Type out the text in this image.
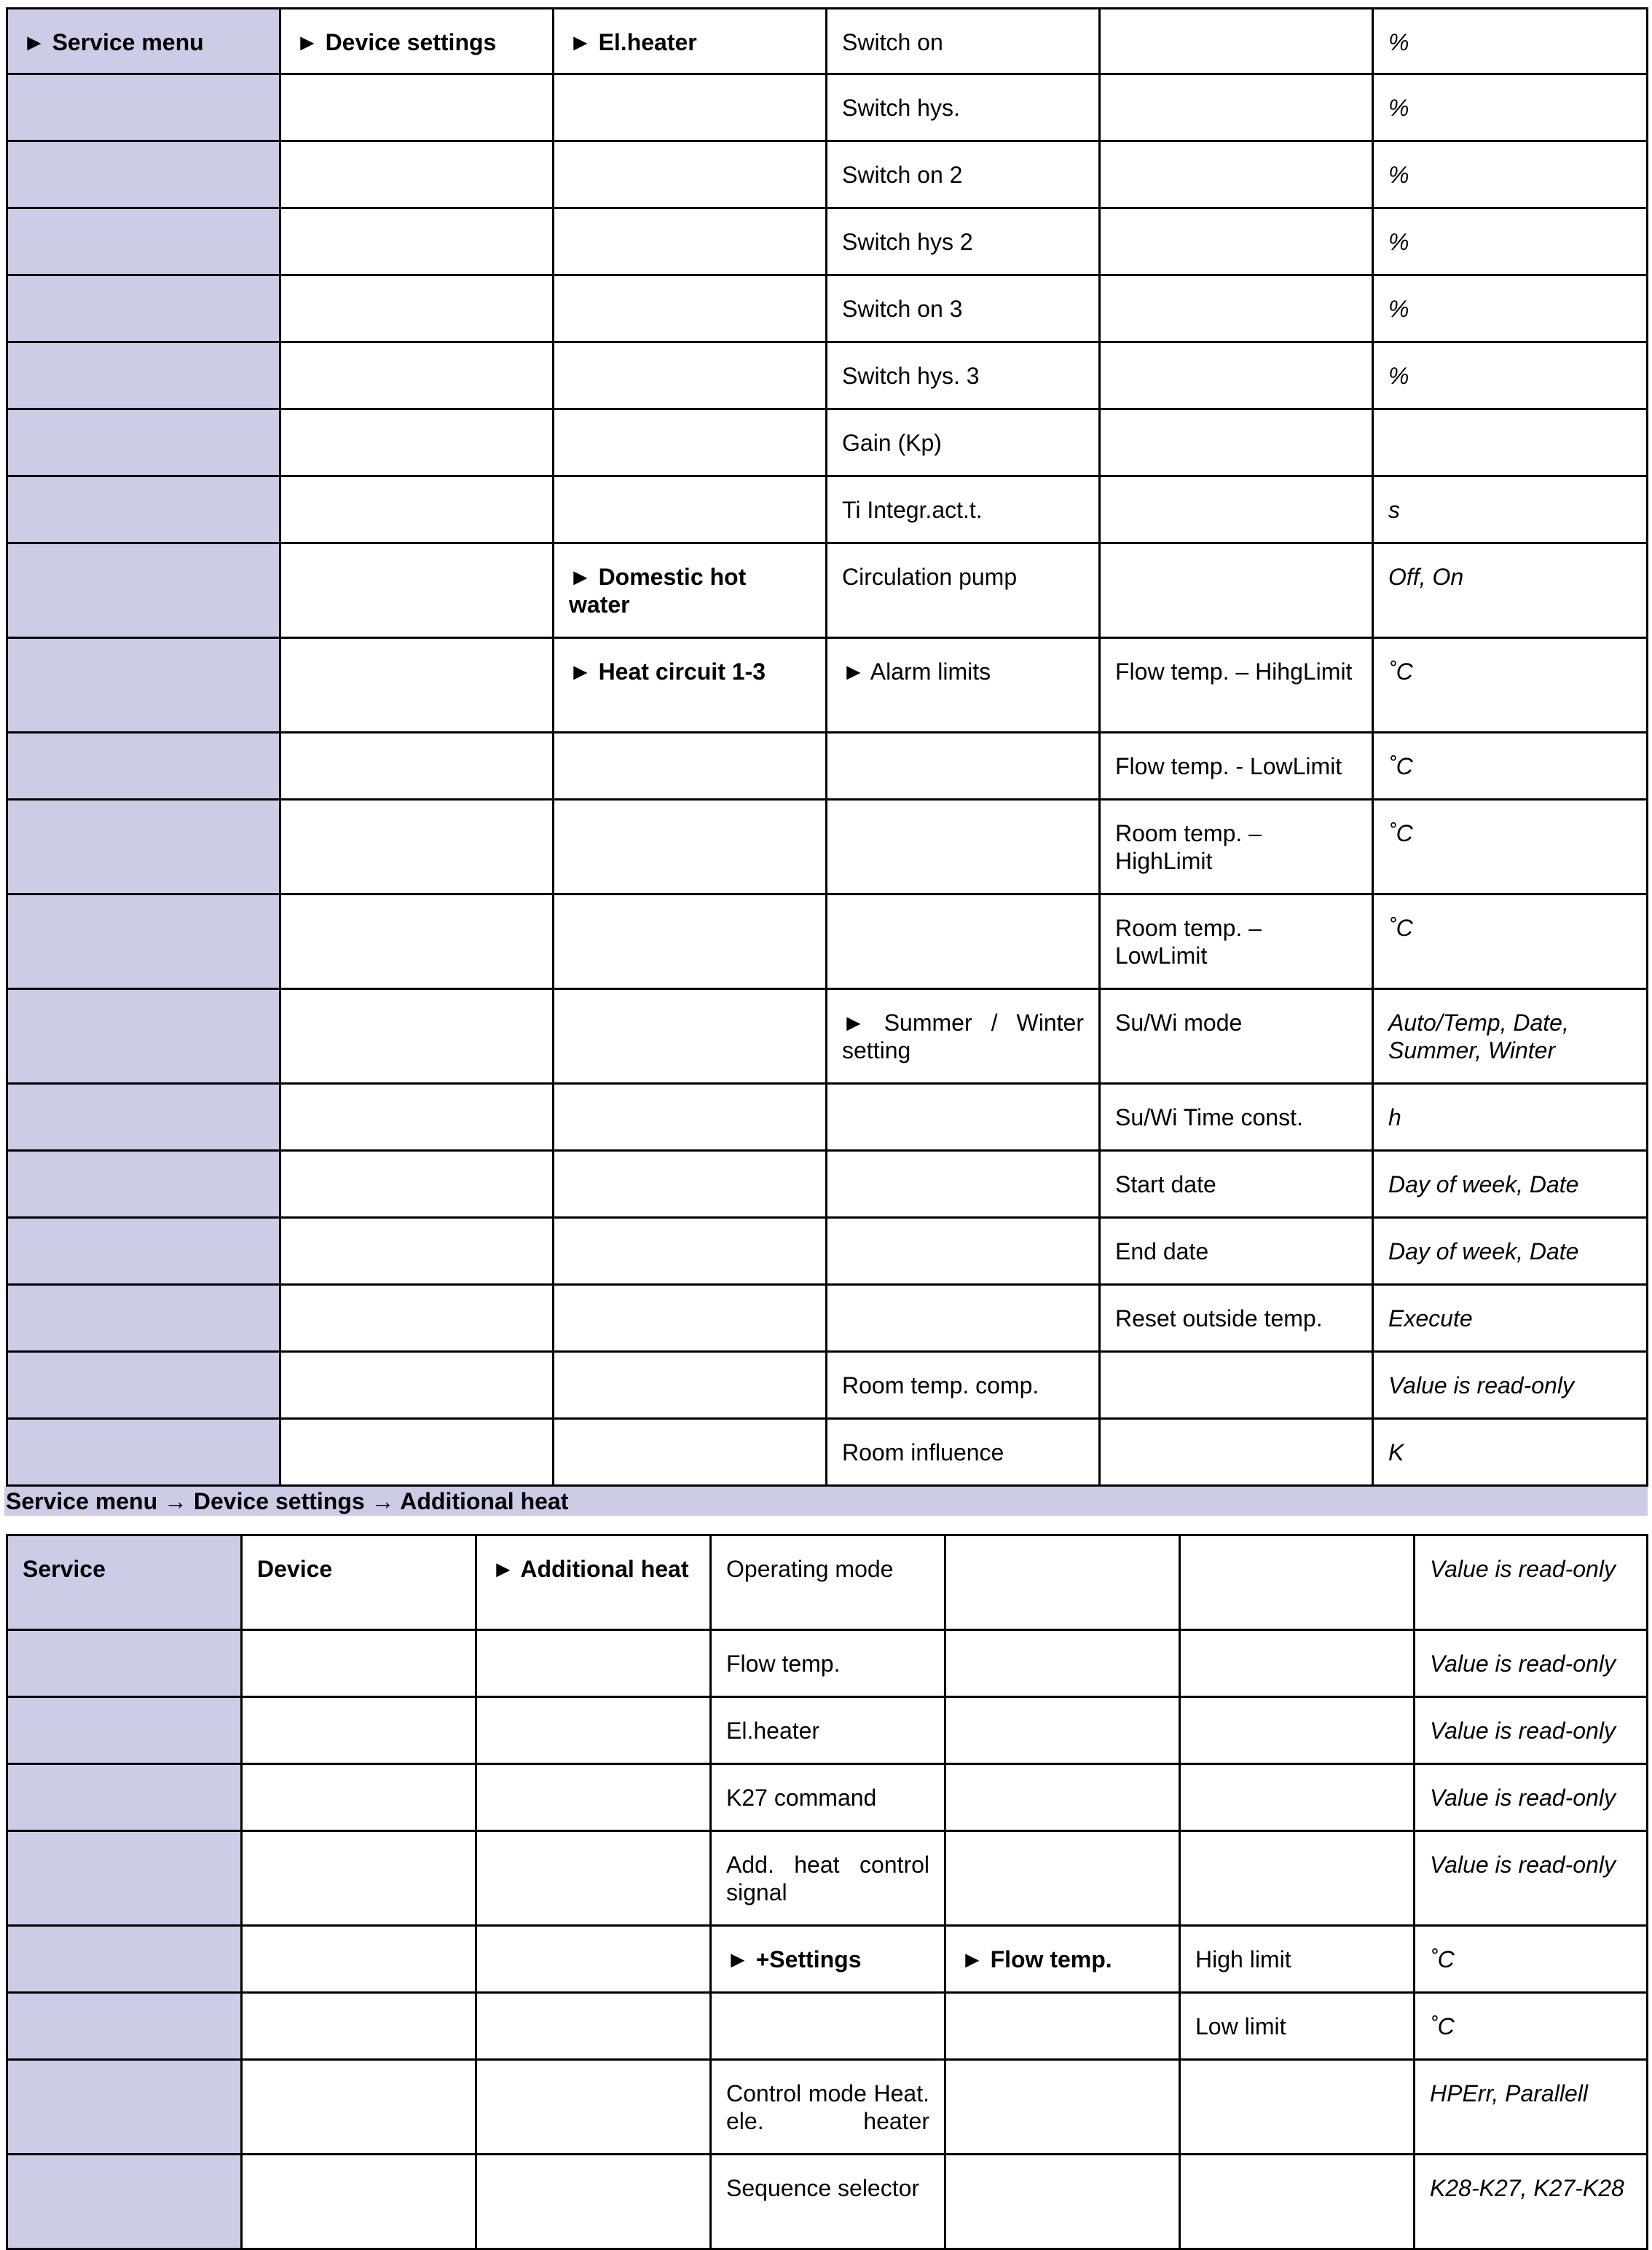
► Service menu	► Device settings	► El.heater	Switch on		%
			Switch hys.		%
			Switch on 2		%
			Switch hys 2		%
			Switch on 3		%
			Switch hys. 3		%
			Gain (Kp)		
			Ti Integr.act.t.		s
		► Domestic hot water	Circulation pump		Off, On
		► Heat circuit 1-3	► Alarm limits	Flow temp. – HihgLimit	˚C
				Flow temp. - LowLimit	˚C
				Room temp. – HighLimit	˚C
				Room temp. – LowLimit	˚C
			► Summer / Winter setting	Su/Wi mode	Auto/Temp, Date, Summer, Winter
				Su/Wi Time const.	h
				Start date	Day of week, Date
				End date	Day of week, Date
				Reset outside temp.	Execute
			Room temp. comp.		Value is read-only
			Room influence		K
Service menu → Device settings → Additional heat
Service	Device	► Additional heat	Operating mode			Value is read-only
			Flow temp.			Value is read-only
			El.heater			Value is read-only
			K27 command			Value is read-only
			Add. heat control signal			Value is read-only
			► +Settings	► Flow temp.	High limit	˚C
					Low limit	˚C
			Control mode Heat. ele. heater			HPErr, Parallell
			Sequence selector			K28-K27, K27-K28
